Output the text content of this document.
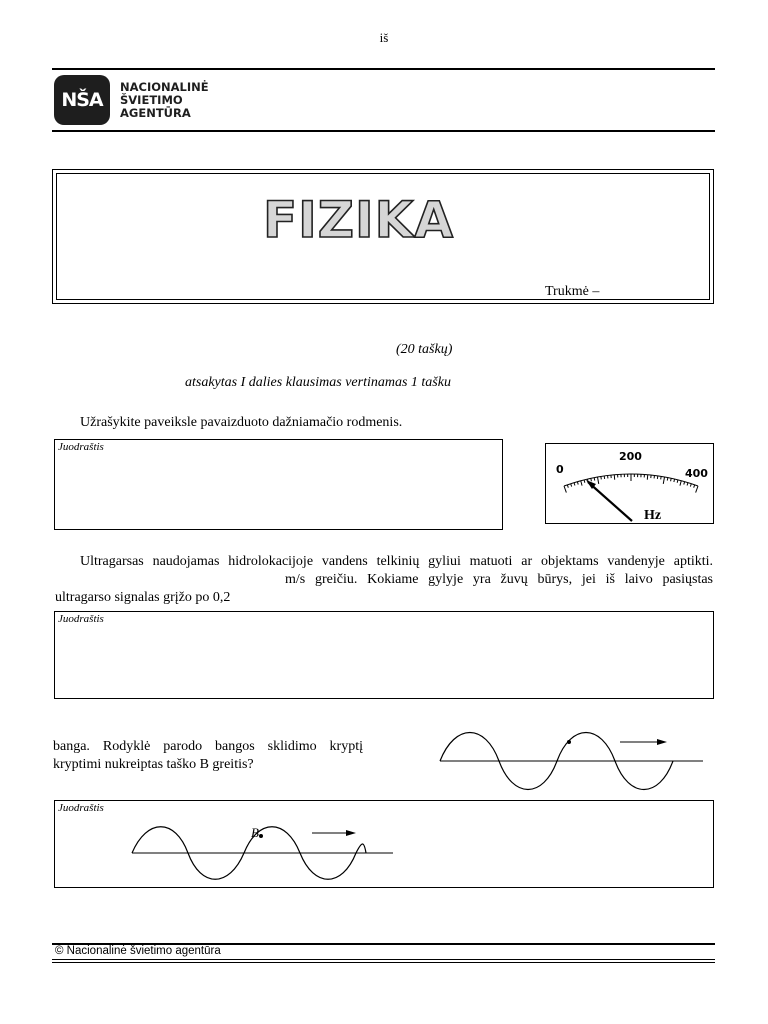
iš
NŠA
NACIONALINĖ
ŠVIETIMO
AGENTŪRA
FIZIKA
Trukmė –
(20 taškų)
atsakytas I dalies klausimas vertinamas 1 tašku
Užrašykite paveiksle pavaizduoto dažniamačio rodmenis.
Juodraštis
0
200
400
Hz
Ultragarsas naudojamas hidrolokacijoje vandens telkinių gyliui matuoti ar objektams vandenyje aptikti.
m/s greičiu. Kokiame gylyje yra žuvų būrys, jei iš laivo pasiųstas
ultragarso signalas grįžo po 0,2
Juodraštis
banga. Rodyklė parodo bangos sklidimo kryptį
kryptimi nukreiptas taško B greitis?
Juodraštis
B
© Nacionalinė švietimo agentūra
